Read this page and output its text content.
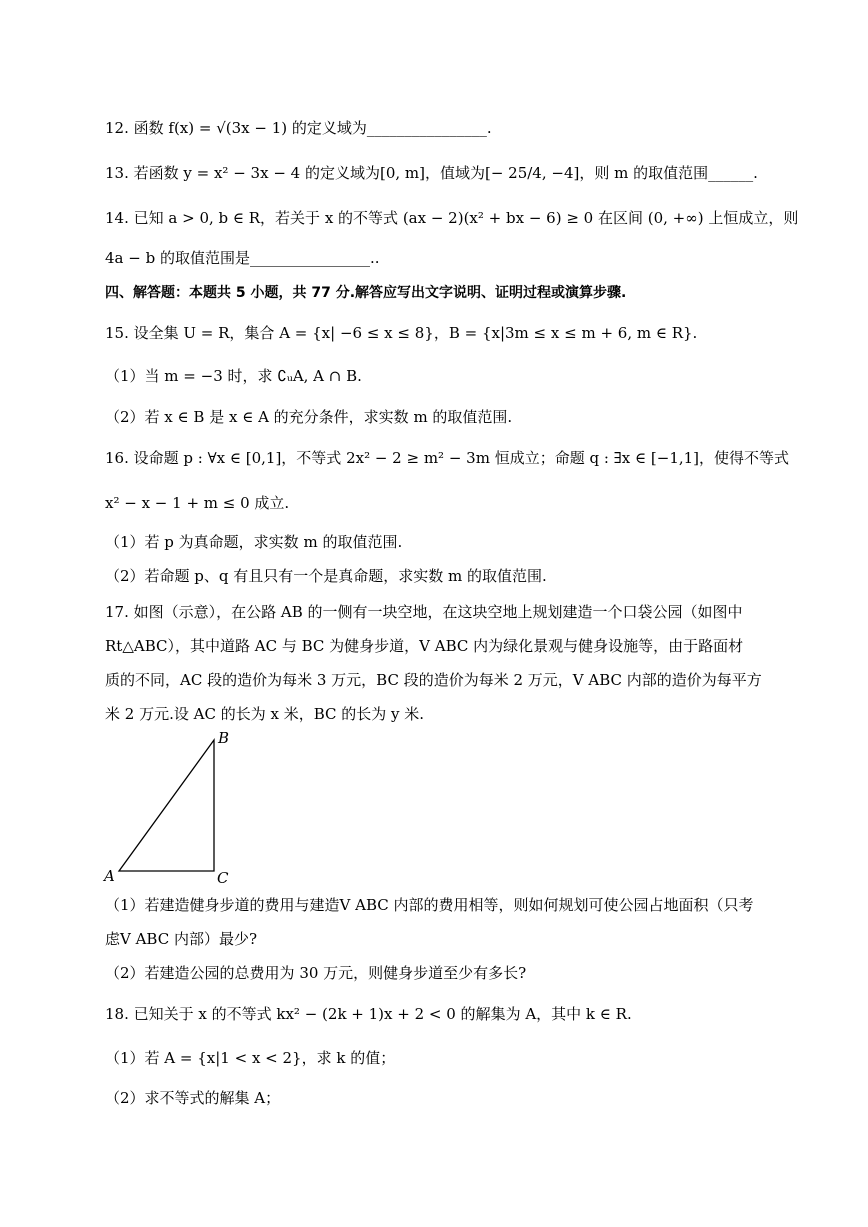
12. 函数 f(x) = √(3x − 1) 的定义域为________________.
13. 若函数 y = x² − 3x − 4 的定义域为[0, m]，值域为[− 25/4, −4]，则 m 的取值范围______.
14. 已知 a > 0, b ∈ R，若关于 x 的不等式 (ax − 2)(x² + bx − 6) ≥ 0 在区间 (0, +∞) 上恒成立，则
4a − b 的取值范围是________________..
四、解答题：本题共 5 小题，共 77 分.解答应写出文字说明、证明过程或演算步骤.
15. 设全集 U = R，集合 A = {x| −6 ≤ x ≤ 8}，B = {x|3m ≤ x ≤ m + 6, m ∈ R}.
（1）当 m = −3 时，求 ∁ᵤA, A ∩ B.
（2）若 x ∈ B 是 x ∈ A 的充分条件，求实数 m 的取值范围.
16. 设命题 p : ∀x ∈ [0,1]，不等式 2x² − 2 ≥ m² − 3m 恒成立；命题 q : ∃x ∈ [−1,1]，使得不等式
x² − x − 1 + m ≤ 0 成立.
（1）若 p 为真命题，求实数 m 的取值范围.
（2）若命题 p、q 有且只有一个是真命题，求实数 m 的取值范围.
17. 如图（示意），在公路 AB 的一侧有一块空地，在这块空地上规划建造一个口袋公园（如图中
Rt△ABC），其中道路 AC 与 BC 为健身步道，V ABC 内为绿化景观与健身设施等，由于路面材
质的不同，AC 段的造价为每米 3 万元，BC 段的造价为每米 2 万元，V ABC 内部的造价为每平方
米 2 万元.设 AC 的长为 x 米，BC 的长为 y 米.
B
A	C
（1）若建造健身步道的费用与建造V ABC 内部的费用相等，则如何规划可使公园占地面积（只考
虑V ABC 内部）最少?
（2）若建造公园的总费用为 30 万元，则健身步道至少有多长?
18. 已知关于 x 的不等式 kx² − (2k + 1)x + 2 < 0 的解集为 A，其中 k ∈ R.
（1）若 A = {x|1 < x < 2}，求 k 的值；
（2）求不等式的解集 A；
